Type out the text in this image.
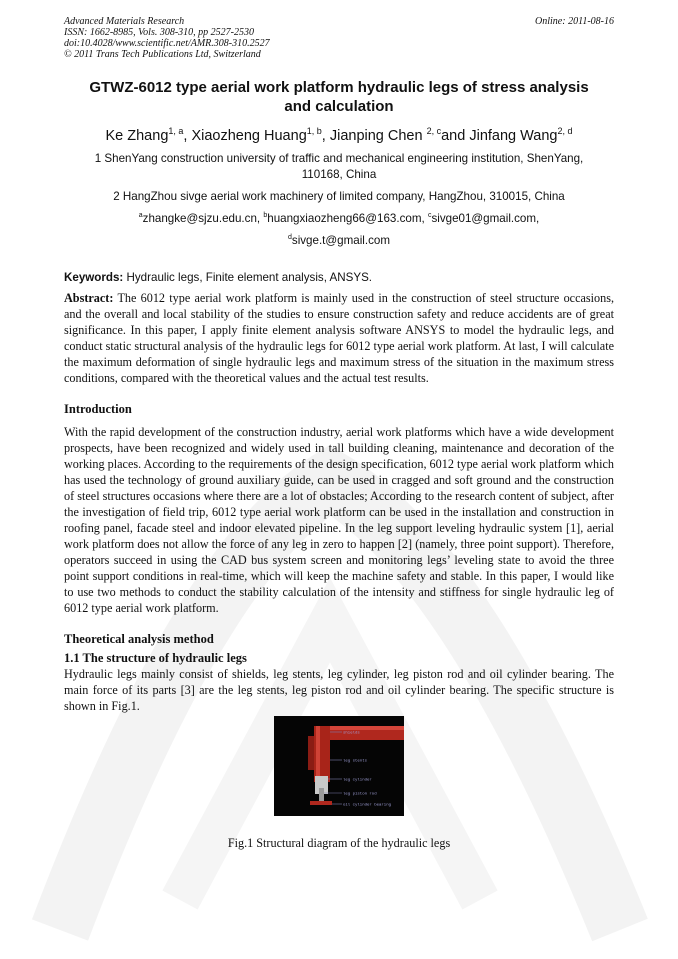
Advanced Materials Research
ISSN: 1662-8985, Vols. 308-310, pp 2527-2530
doi:10.4028/www.scientific.net/AMR.308-310.2527
© 2011 Trans Tech Publications Ltd, Switzerland
Online: 2011-08-16
GTWZ-6012 type aerial work platform hydraulic legs of stress analysis
and calculation
Ke Zhang$^{1, a}$, Xiaozheng Huang$^{1, b}$, Jianping Chen $^{2, c}$and Jinfang Wang$^{2, d}$
1 ShenYang construction university of traffic and mechanical engineering institution, ShenYang,
110168, China
2 HangZhou sivge aerial work machinery of limited company, HangZhou, 310015, China
$^a$zhangke@sjzu.edu.cn, $^b$huangxiaozheng66@163.com, $^c$sivge01@gmail.com,
$^d$sivge.t@gmail.com
Keywords: Hydraulic legs, Finite element analysis, ANSYS.

Abstract: The 6012 type aerial work platform is mainly used in the construction of steel structure occasions, and the overall and local stability of the studies to ensure construction safety and reduce accidents are of great significance. In this paper, I apply finite element analysis software ANSYS to model the hydraulic legs, and conduct static structural analysis of the hydraulic legs for 6012 type aerial work platform. At last, I will calculate the maximum deformation of single hydraulic legs and maximum stress of the situation in the maximum stress conditions, compared with the theoretical values and the actual test results.

Introduction

With the rapid development of the construction industry, aerial work platforms which have a wide development prospects, have been recognized and widely used in tall building cleaning, maintenance and decoration of the working places. According to the requirements of the design specification, 6012 type aerial work platform which has used the technology of ground auxiliary guide, can be used in cragged and soft ground and the construction of steel structures occasions where there are a lot of obstacles; According to the research content of subject, after the investigation of field trip, 6012 type aerial work platform can be used in the installation and construction in roofing panel, facade steel and indoor elevated pipeline. In the leg support leveling hydraulic system [1], aerial work platform does not allow the force of any leg in zero to happen [2] (namely, three point support). Therefore, operators succeed in using the CAD bus system screen and monitoring legs’ leveling state to avoid the three point support conditions in real-time, which will keep the machine safety and stable. In this paper, I would like to use two methods to conduct the stability calculation of the intensity and stiffness for single hydraulic leg of 6012 type aerial work platform.

Theoretical analysis method
1.1 The structure of hydraulic legs

Hydraulic legs mainly consist of shields, leg stents, leg cylinder, leg piston rod and oil cylinder bearing. The main force of its parts [3] are the leg stents, leg piston rod and oil cylinder bearing. The specific structure is shown in Fig.1.

shields
leg stents
leg cylinder
leg piston rod
oil cylinder bearing
Fig.1 Structural diagram of the hydraulic legs
